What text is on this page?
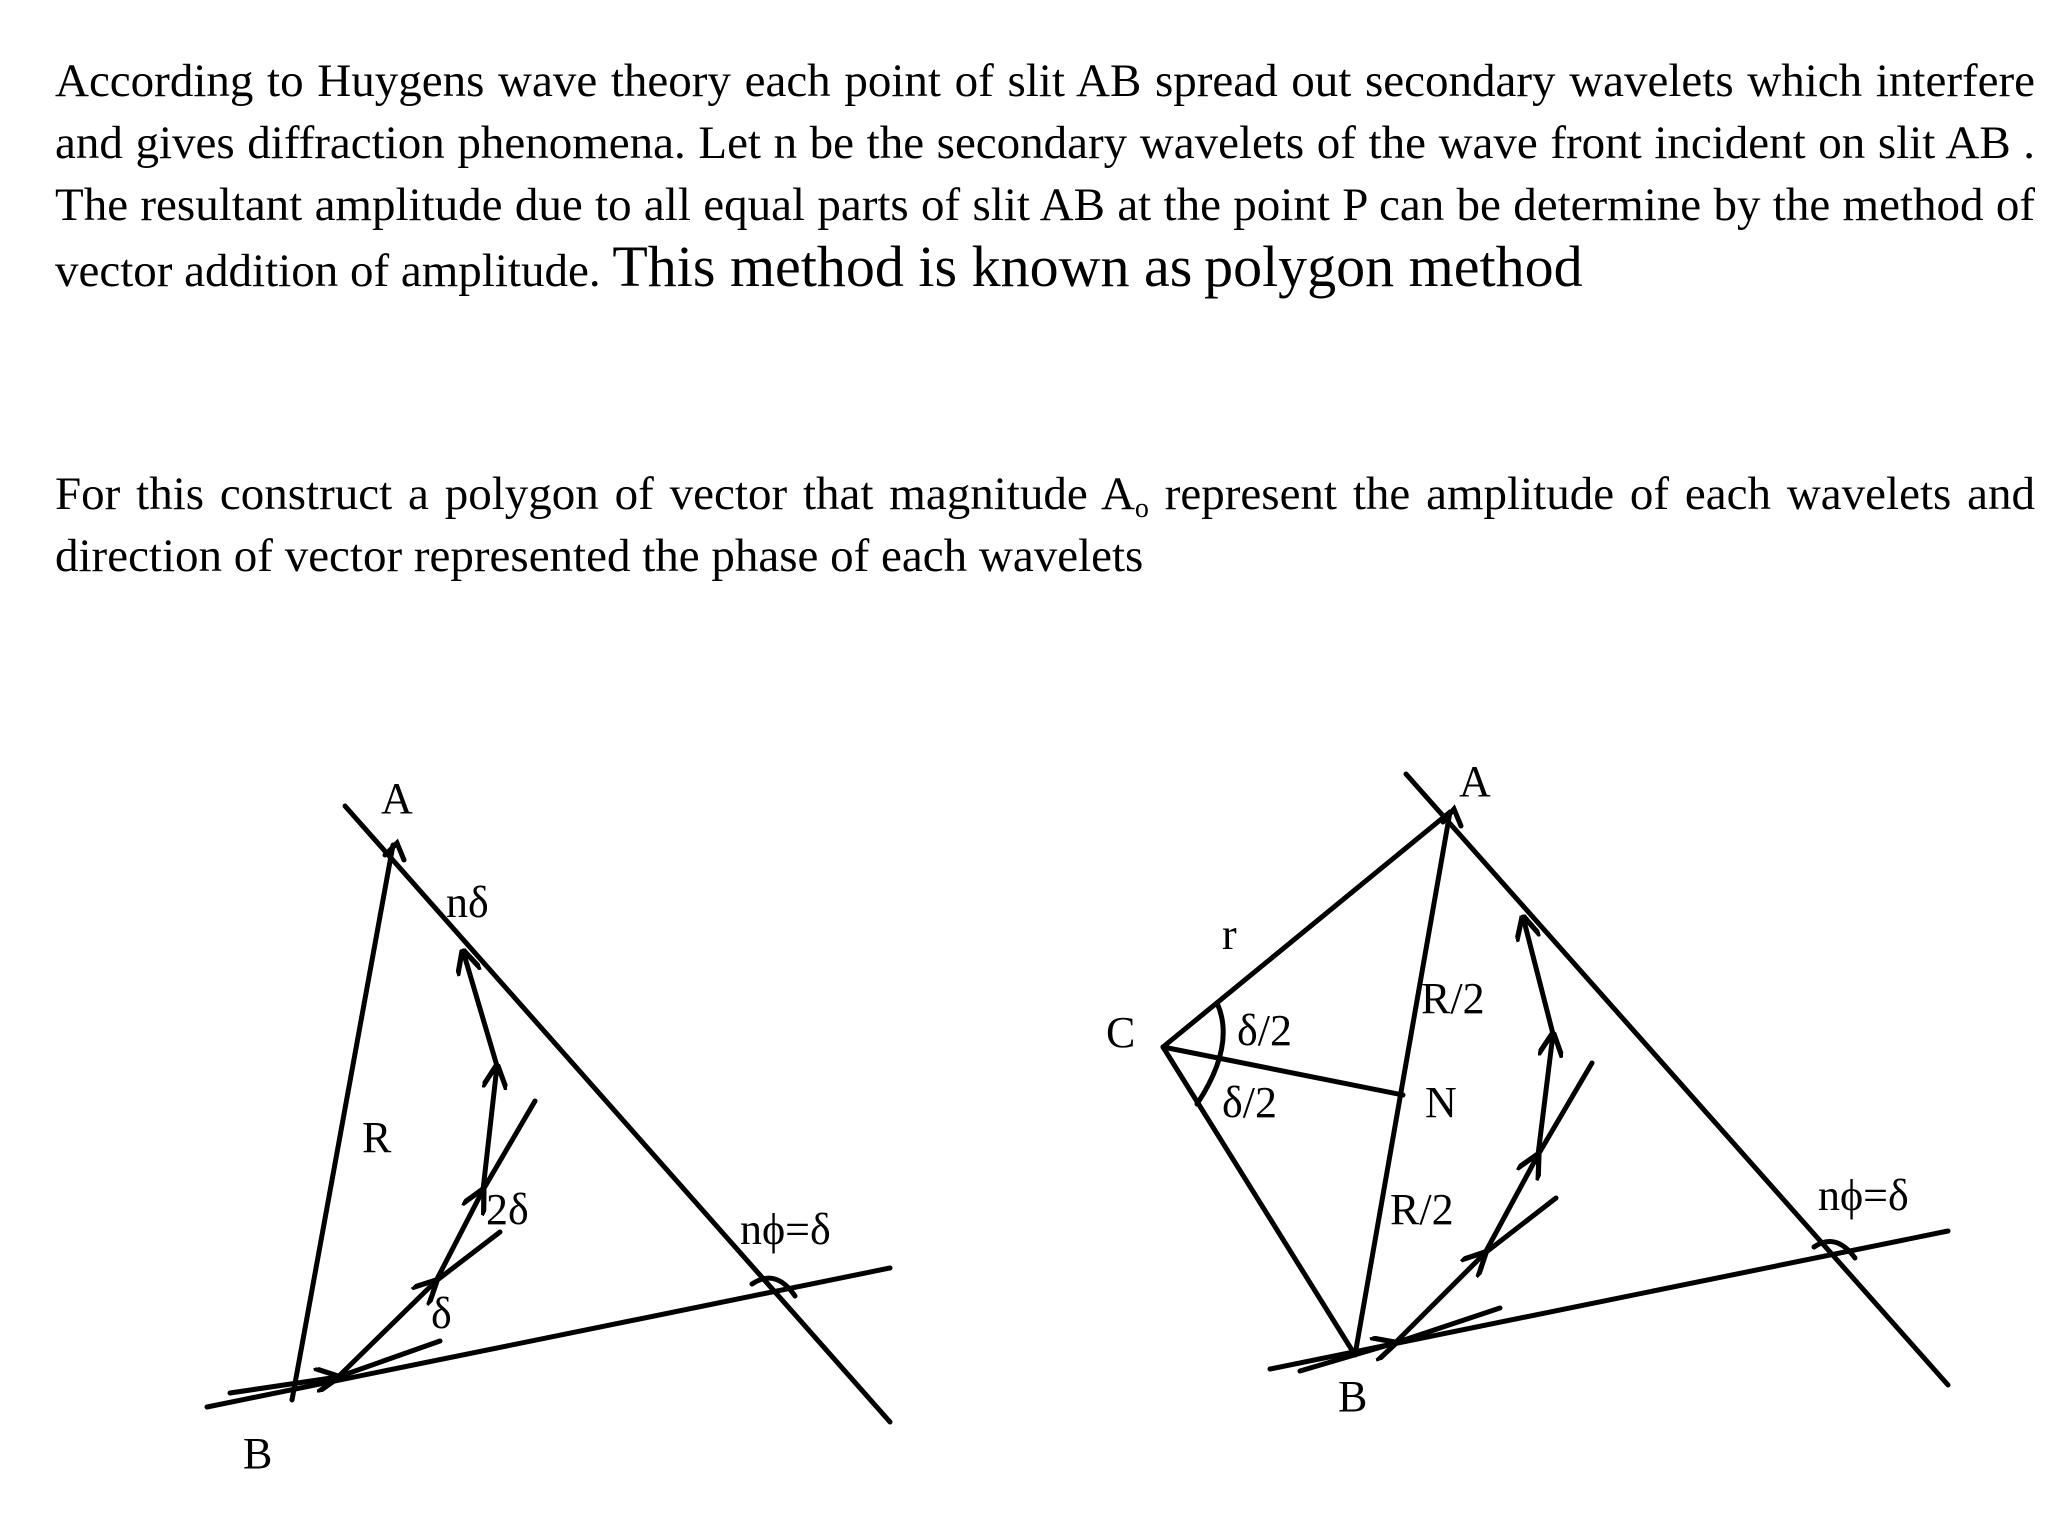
According to Huygens wave theory each point of slit AB spread out secondary wavelets which interfere and gives diffraction phenomena. Let n be the secondary wavelets of the wave front incident on slit AB . The resultant amplitude due to all equal parts of slit AB at the point P can be determine by the method of vector addition of amplitude. This method is known as polygon method
For this construct a polygon of vector that magnitude $A_o$ represent the amplitude of each wavelets and direction of vector represented the phase of each wavelets
A
B
R
nδ
2δ
δ
nϕ=δ
A
B
C
r
N
R/2
R/2
δ/2
δ/2
nϕ=δ
